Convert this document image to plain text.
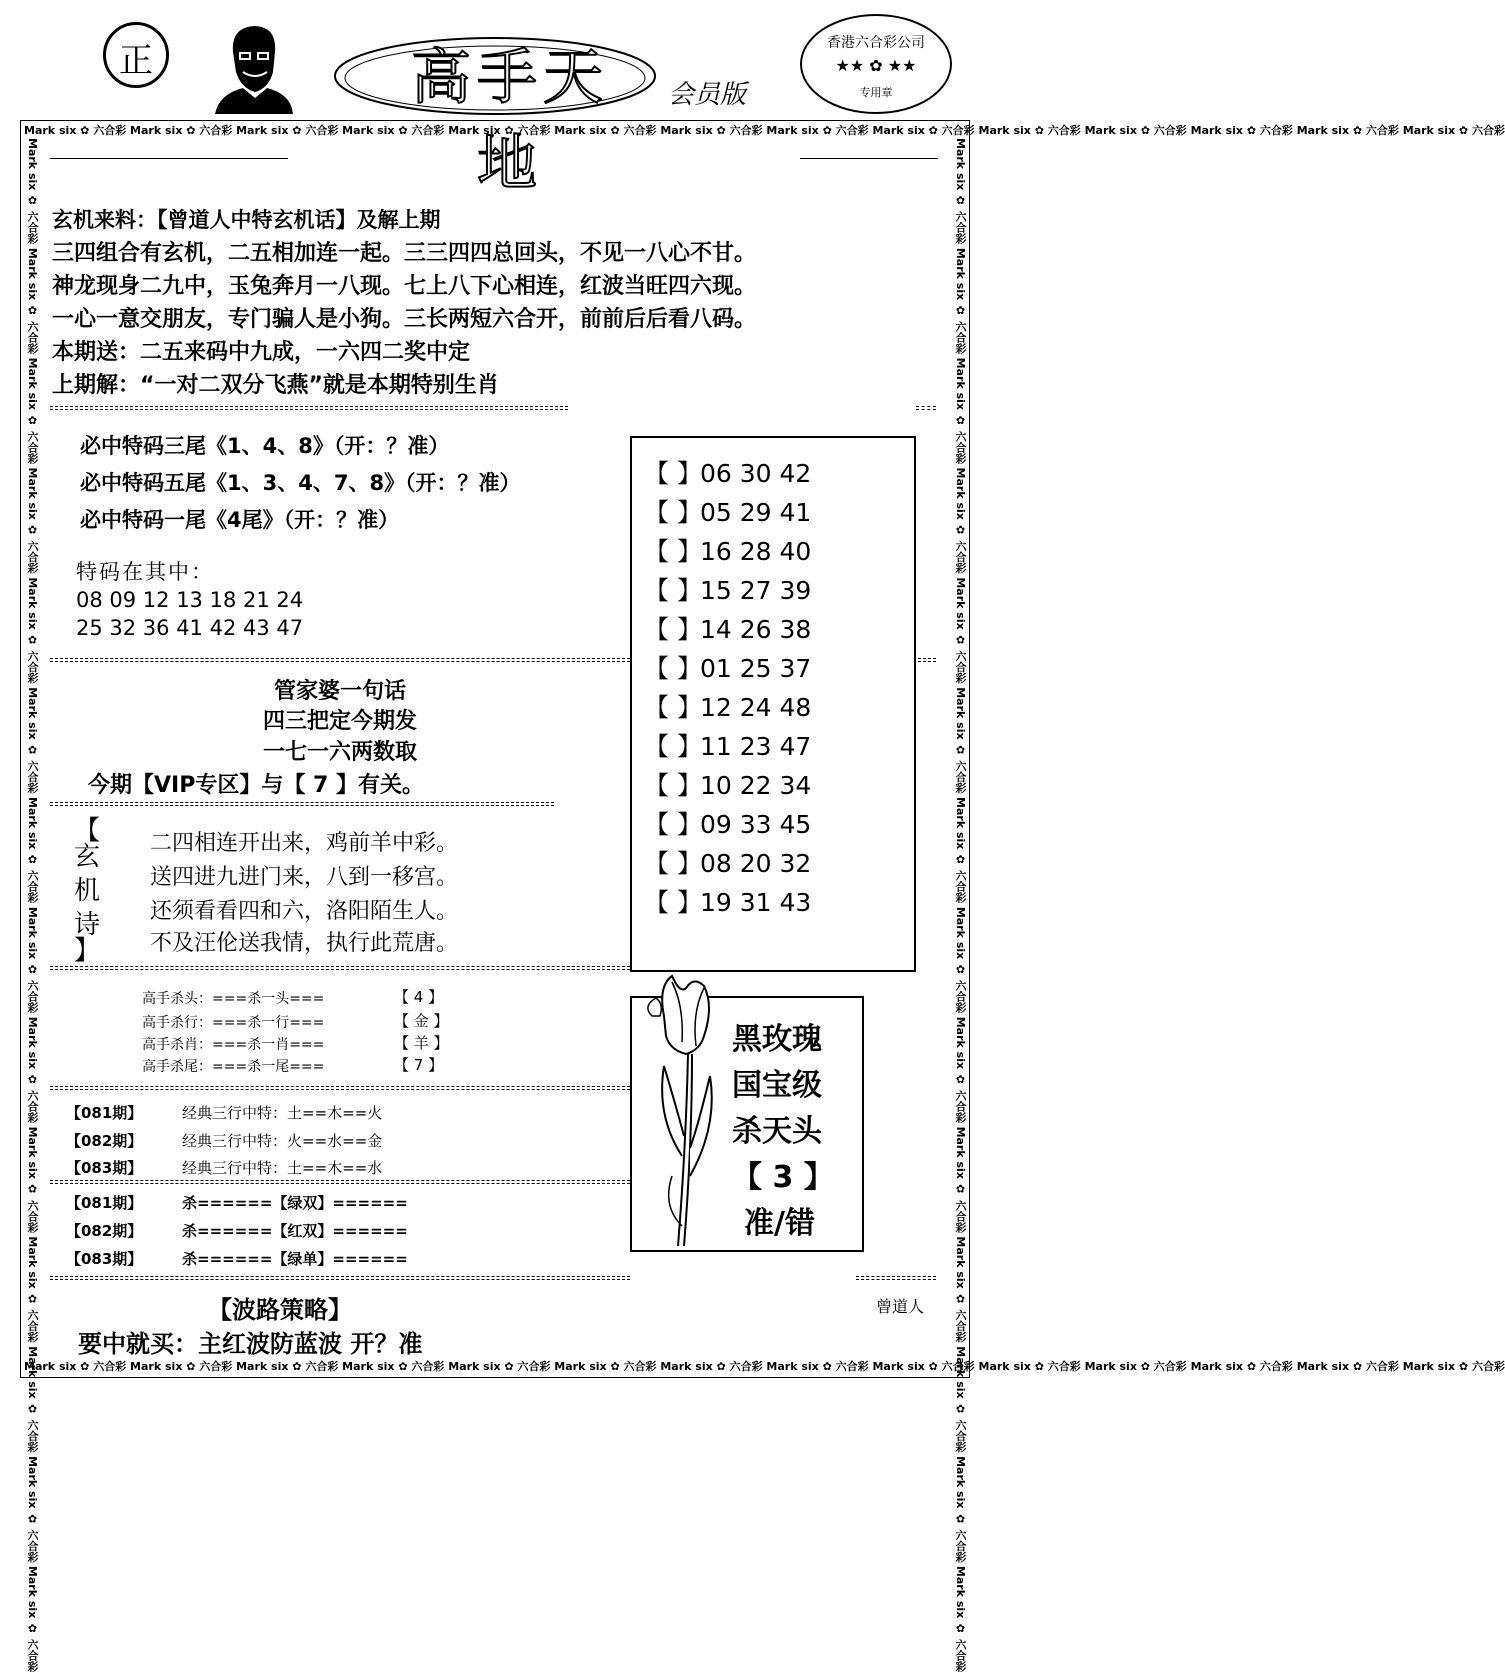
正	高手天地
会员版
香港六合彩公司
★★ ✿ ★★
专用章
Mark six ✿ 六合彩 Mark six ✿ 六合彩 Mark six ✿ 六合彩 Mark six ✿ 六合彩 Mark six ✿ 六合彩 Mark six ✿ 六合彩 Mark six ✿ 六合彩 Mark six ✿ 六合彩 Mark six ✿ 六合彩 Mark six ✿ 六合彩 Mark six ✿ 六合彩 Mark six ✿ 六合彩 Mark six ✿ 六合彩 Mark six ✿ 六合彩
Mark six ✿ 六合彩 Mark six ✿ 六合彩 Mark six ✿ 六合彩 Mark six ✿ 六合彩 Mark six ✿ 六合彩 Mark six ✿ 六合彩 Mark six ✿ 六合彩 Mark six ✿ 六合彩 Mark six ✿ 六合彩 Mark six ✿ 六合彩 Mark six ✿ 六合彩 Mark six ✿ 六合彩 Mark six ✿ 六合彩 Mark six ✿ 六合彩
Mark six ✿ 六合彩 Mark six ✿ 六合彩 Mark six ✿ 六合彩 Mark six ✿ 六合彩 Mark six ✿ 六合彩 Mark six ✿ 六合彩 Mark six ✿ 六合彩 Mark six ✿ 六合彩 Mark six ✿ 六合彩 Mark six ✿ 六合彩 Mark six ✿ 六合彩 Mark six ✿ 六合彩 Mark six ✿ 六合彩 Mark six ✿ 六合彩	Mark six ✿ 六合彩 Mark six ✿ 六合彩 Mark six ✿ 六合彩 Mark six ✿ 六合彩 Mark six ✿ 六合彩 Mark six ✿ 六合彩 Mark six ✿ 六合彩 Mark six ✿ 六合彩 Mark six ✿ 六合彩 Mark six ✿ 六合彩 Mark six ✿ 六合彩 Mark six ✿ 六合彩 Mark six ✿ 六合彩 Mark six ✿ 六合彩
玄机来料：【曾道人中特玄机话】及解上期
三四组合有玄机，二五相加连一起。三三四四总回头，不见一八心不甘。
神龙现身二九中，玉兔奔月一八现。七上八下心相连，红波当旺四六现。
一心一意交朋友，专门骗人是小狗。三长两短六合开，前前后后看八码。
本期送：二五来码中九成，一六四二奖中定
上期解：“一对二双分飞燕”就是本期特别生肖
必中特码三尾《1、4、8》（开：？准）
必中特码五尾《1、3、4、7、8》（开：？准）
必中特码一尾《4尾》（开：？准）
特码在其中：
08 09 12 13 18 21 24
25 32 36 41 42 43 47
【 】06 30 42
【 】05 29 41
【 】16 28 40
【 】15 27 39
【 】14 26 38
【 】01 25 37
【 】12 24 48
【 】11 23 47
【 】10 22 34
【 】09 33 45
【 】08 20 32
【 】19 31 43
管家婆一句话
四三把定今期发
一七一六两数取
今期【VIP专区】与【 7 】有关。
【
玄
机
诗
】
二四相连开出来，鸡前羊中彩。
送四进九进门来，八到一移宫。
还须看看四和六，洛阳陌生人。
不及汪伦送我情，执行此荒唐。
高手杀头：===杀一头===	【 4 】
高手杀行：===杀一行===	【 金 】
高手杀肖：===杀一肖===	【 羊 】
高手杀尾：===杀一尾===	【 7 】
【081期】	经典三行中特：土==木==火
【082期】	经典三行中特：火==水==金
【083期】	经典三行中特：土==木==水
【081期】	杀======【绿双】======
【082期】	杀======【红双】======
【083期】	杀======【绿单】======
黑玫瑰
国宝级
杀天头
【 3 】
准/错
【波路策略】
要中就买：主红波防蓝波 开？准
曾道人
